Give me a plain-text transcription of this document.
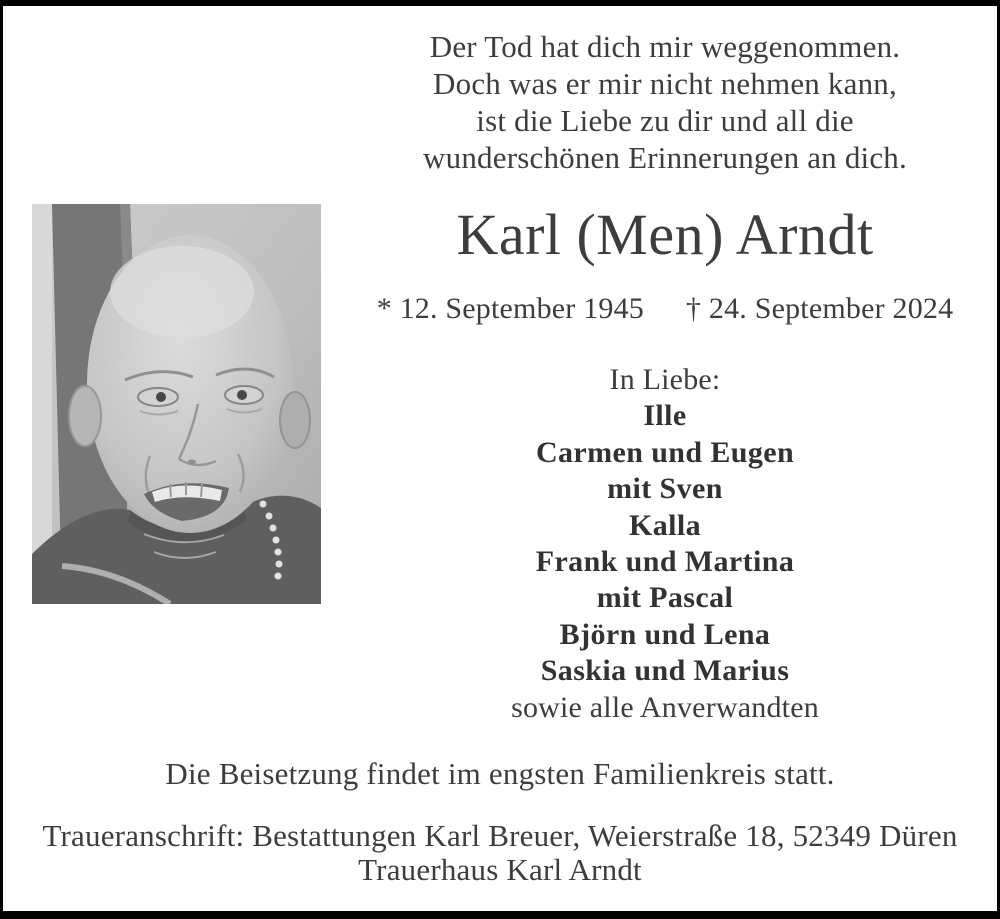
Der Tod hat dich mir weggenommen.
Doch was er mir nicht nehmen kann,
ist die Liebe zu dir und all die
wunderschönen Erinnerungen an dich.
Karl (Men) Arndt
* 12. September 1945 † 24. September 2024
In Liebe:
Ille
Carmen und Eugen
mit Sven
Kalla
Frank und Martina
mit Pascal
Björn und Lena
Saskia und Marius
sowie alle Anverwandten
Die Beisetzung findet im engsten Familienkreis statt.
Traueranschrift: Bestattungen Karl Breuer, Weierstraße 18, 52349 Düren
Trauerhaus Karl Arndt
